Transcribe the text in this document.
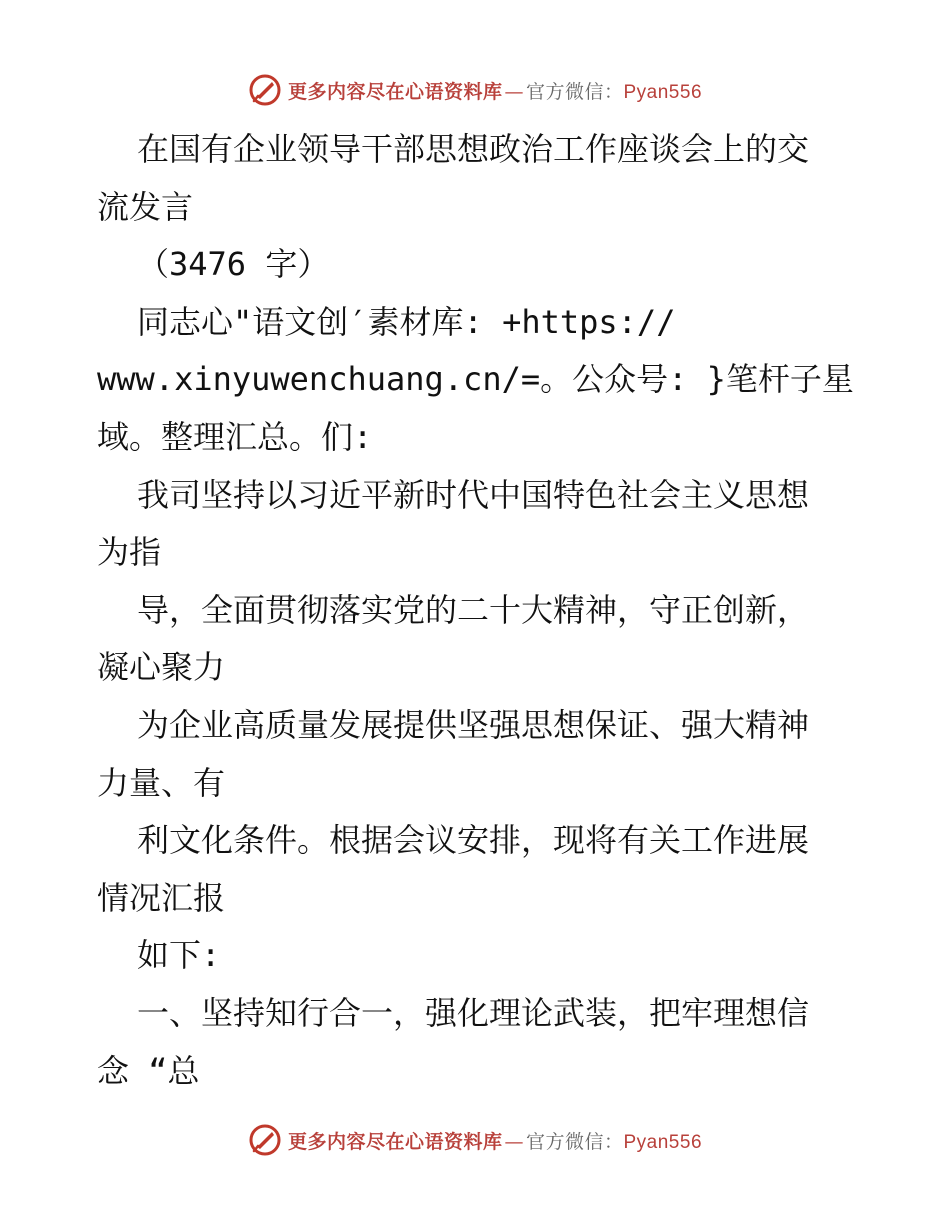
更多内容尽在心语资料库 — 官方微信：Pyan556

在国有企业领导干部思想政治工作座谈会上的交

流发言

（3476 字）

同志心"语文创′素材库: +https://

www.xinyuwenchuang.cn/=。公众号: }笔杆子星

域。整理汇总。们:

我司坚持以习近平新时代中国特色社会主义思想

为指

导，全面贯彻落实党的二十大精神，守正创新，

凝心聚力

为企业高质量发展提供坚强思想保证、强大精神

力量、有

利文化条件。根据会议安排，现将有关工作进展

情况汇报

如下:

一、坚持知行合一，强化理论武装，把牢理想信

念 “总

更多内容尽在心语资料库 — 官方微信：Pyan556
